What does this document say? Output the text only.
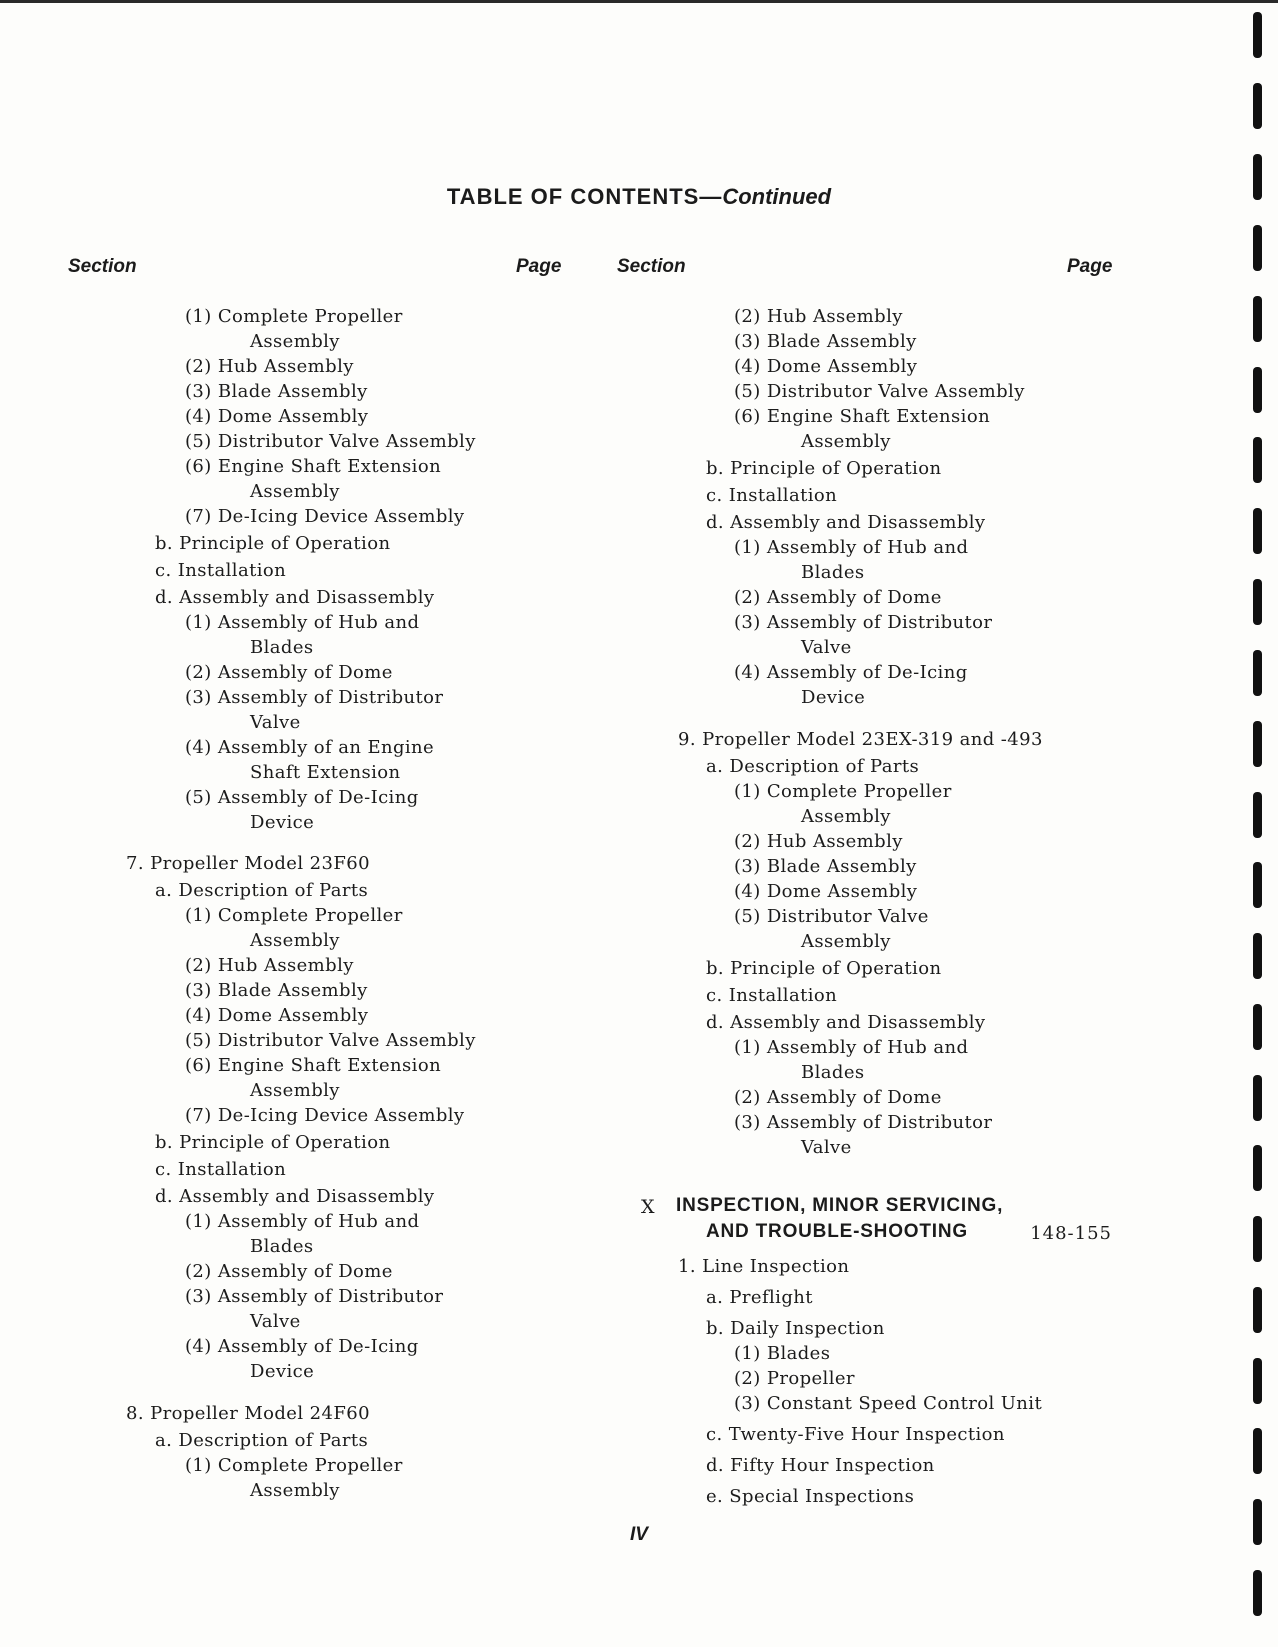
TABLE OF CONTENTS—Continued
Section	Page	Section	Page
(1) Complete Propeller
Assembly
(2) Hub Assembly
(3) Blade Assembly
(4) Dome Assembly
(5) Distributor Valve Assembly
(6) Engine Shaft Extension
Assembly
(7) De-Icing Device Assembly
b. Principle of Operation
c. Installation
d. Assembly and Disassembly
(1) Assembly of Hub and
Blades
(2) Assembly of Dome
(3) Assembly of Distributor
Valve
(4) Assembly of an Engine
Shaft Extension
(5) Assembly of De-Icing
Device
7. Propeller Model 23F60
a. Description of Parts
(1) Complete Propeller
Assembly
(2) Hub Assembly
(3) Blade Assembly
(4) Dome Assembly
(5) Distributor Valve Assembly
(6) Engine Shaft Extension
Assembly
(7) De-Icing Device Assembly
b. Principle of Operation
c. Installation
d. Assembly and Disassembly
(1) Assembly of Hub and
Blades
(2) Assembly of Dome
(3) Assembly of Distributor
Valve
(4) Assembly of De-Icing
Device
8. Propeller Model 24F60
a. Description of Parts
(1) Complete Propeller
Assembly
(2) Hub Assembly
(3) Blade Assembly
(4) Dome Assembly
(5) Distributor Valve Assembly
(6) Engine Shaft Extension
Assembly
b. Principle of Operation
c. Installation
d. Assembly and Disassembly
(1) Assembly of Hub and
Blades
(2) Assembly of Dome
(3) Assembly of Distributor
Valve
(4) Assembly of De-Icing
Device
9. Propeller Model 23EX-319 and -493
a. Description of Parts
(1) Complete Propeller
Assembly
(2) Hub Assembly
(3) Blade Assembly
(4) Dome Assembly
(5) Distributor Valve
Assembly
b. Principle of Operation
c. Installation
d. Assembly and Disassembly
(1) Assembly of Hub and
Blades
(2) Assembly of Dome
(3) Assembly of Distributor
Valve
1. Line Inspection
a. Preflight
b. Daily Inspection
(1) Blades
(2) Propeller
(3) Constant Speed Control Unit
c. Twenty-Five Hour Inspection
d. Fifty Hour Inspection
e. Special Inspections
X INSPECTION, MINOR SERVICING,
AND TROUBLE-SHOOTING	148-155
IV
